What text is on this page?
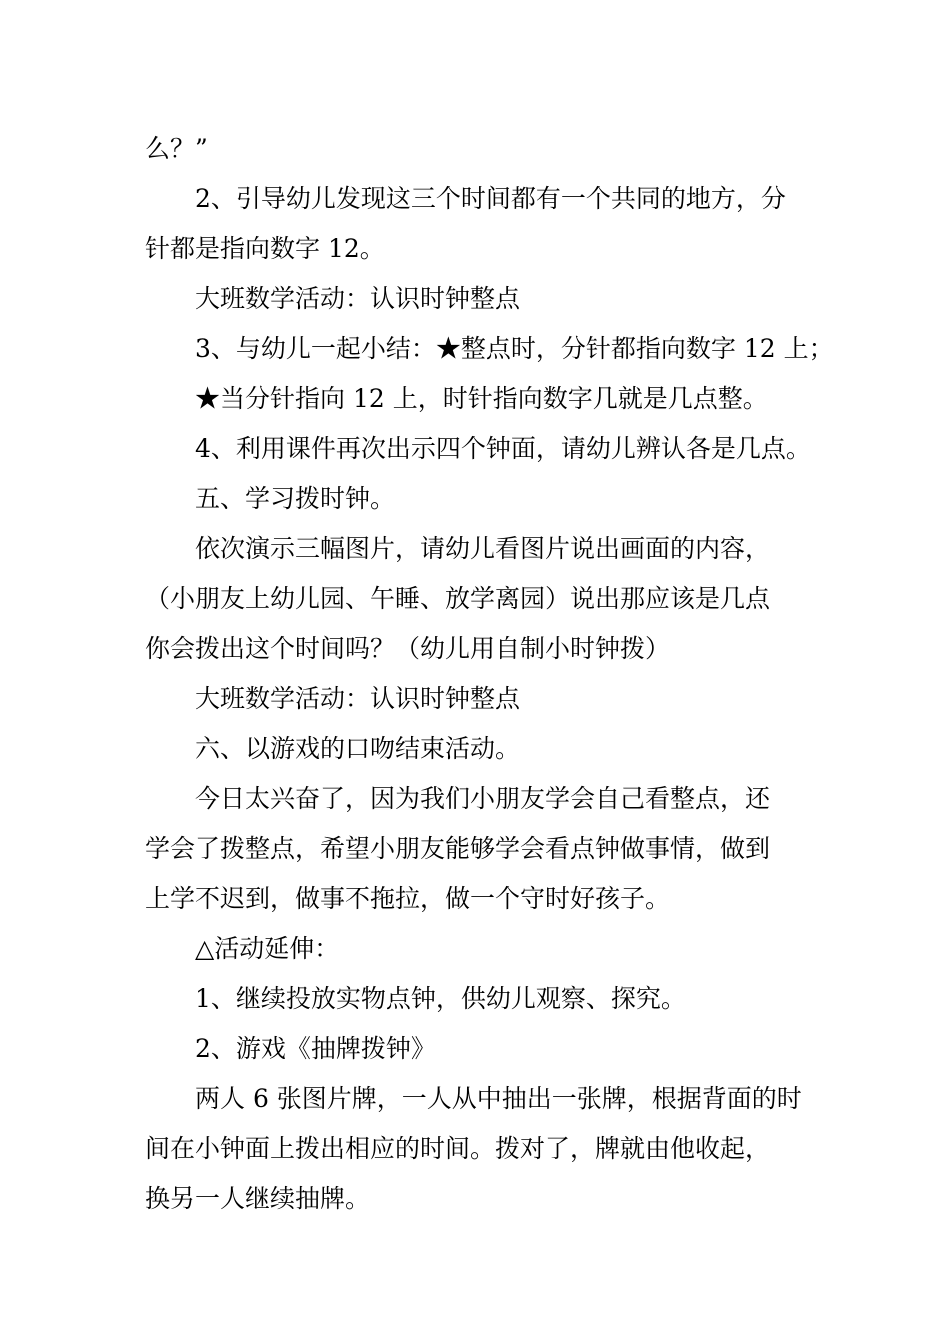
么？”
2、引导幼儿发现这三个时间都有一个共同的地方，分
针都是指向数字 12。
大班数学活动：认识时钟整点
3、与幼儿一起小结：★整点时，分针都指向数字 12 上；
★当分针指向 12 上，时针指向数字几就是几点整。
4、利用课件再次出示四个钟面，请幼儿辨认各是几点。
五、学习拨时钟。
依次演示三幅图片，请幼儿看图片说出画面的内容，
（小朋友上幼儿园、午睡、放学离园）说出那应该是几点
你会拨出这个时间吗？（幼儿用自制小时钟拨）
大班数学活动：认识时钟整点
六、以游戏的口吻结束活动。
今日太兴奋了，因为我们小朋友学会自己看整点，还
学会了拨整点，希望小朋友能够学会看点钟做事情，做到
上学不迟到，做事不拖拉，做一个守时好孩子。
△活动延伸：
1、继续投放实物点钟，供幼儿观察、探究。
2、游戏《抽牌拨钟》
两人 6 张图片牌，一人从中抽出一张牌，根据背面的时
间在小钟面上拨出相应的时间。拨对了，牌就由他收起，
换另一人继续抽牌。
